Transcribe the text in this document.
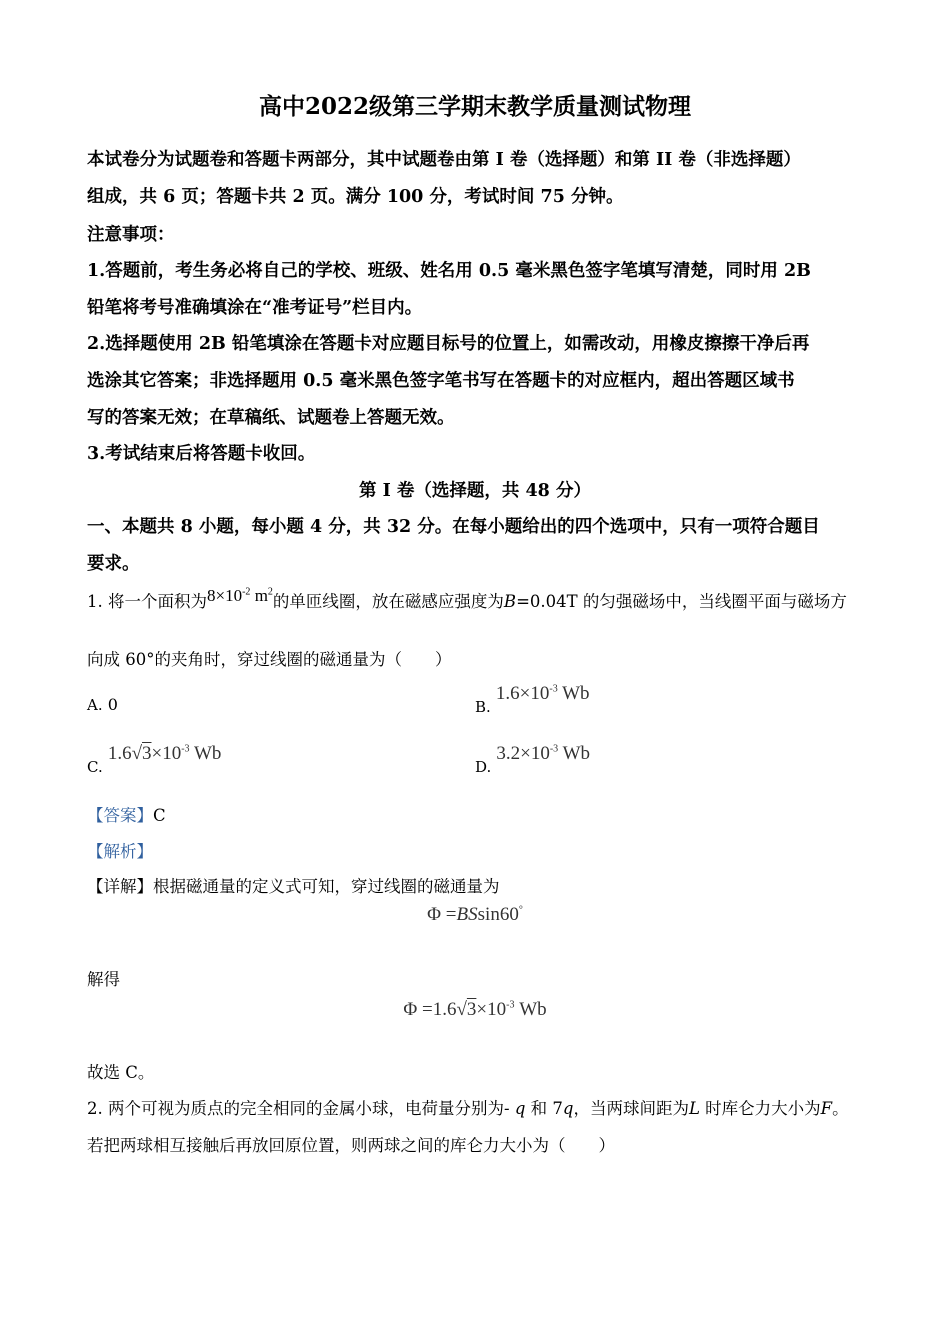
高中2022级第三学期末教学质量测试物理
本试卷分为试题卷和答题卡两部分，其中试题卷由第 I 卷（选择题）和第 II 卷（非选择题）
组成，共 6 页；答题卡共 2 页。满分 100 分，考试时间 75 分钟。
注意事项：
1.答题前，考生务必将自己的学校、班级、姓名用 0.5 毫米黑色签字笔填写清楚，同时用 2B
铅笔将考号准确填涂在“准考证号”栏目内。
2.选择题使用 2B 铅笔填涂在答题卡对应题目标号的位置上，如需改动，用橡皮擦擦干净后再
选涂其它答案；非选择题用 0.5 毫米黑色签字笔书写在答题卡的对应框内，超出答题区域书
写的答案无效；在草稿纸、试题卷上答题无效。
3.考试结束后将答题卡收回。
第 I 卷（选择题，共 48 分）
一、本题共 8 小题，每小题 4 分，共 32 分。在每小题给出的四个选项中，只有一项符合题目
要求。
1. 将一个面积为$8\times 10^{-2}$ $m^2$的单匝线圈，放在磁感应强度为B=0.04T 的匀强磁场中，当线圈平面与磁场方
向成 60°的夹角时，穿过线圈的磁通量为（　　）
A. 0	B. $1.6\times 10^{-3}$ Wb
C. $1.6√3\times 10^{-3}$ Wb
D. $3.2\times 10^{-3}$ Wb
【答案】C
【解析】
【详解】根据磁通量的定义式可知，穿过线圈的磁通量为
Φ =BSsin60°
解得
$\Phi =1.6√3\times 10^{-3}$ Wb
故选 C。
2. 两个可视为质点的完全相同的金属小球，电荷量分别为- q 和 7q，当两球间距为L 时库仑力大小为F。
若把两球相互接触后再放回原位置，则两球之间的库仑力大小为（　　）
